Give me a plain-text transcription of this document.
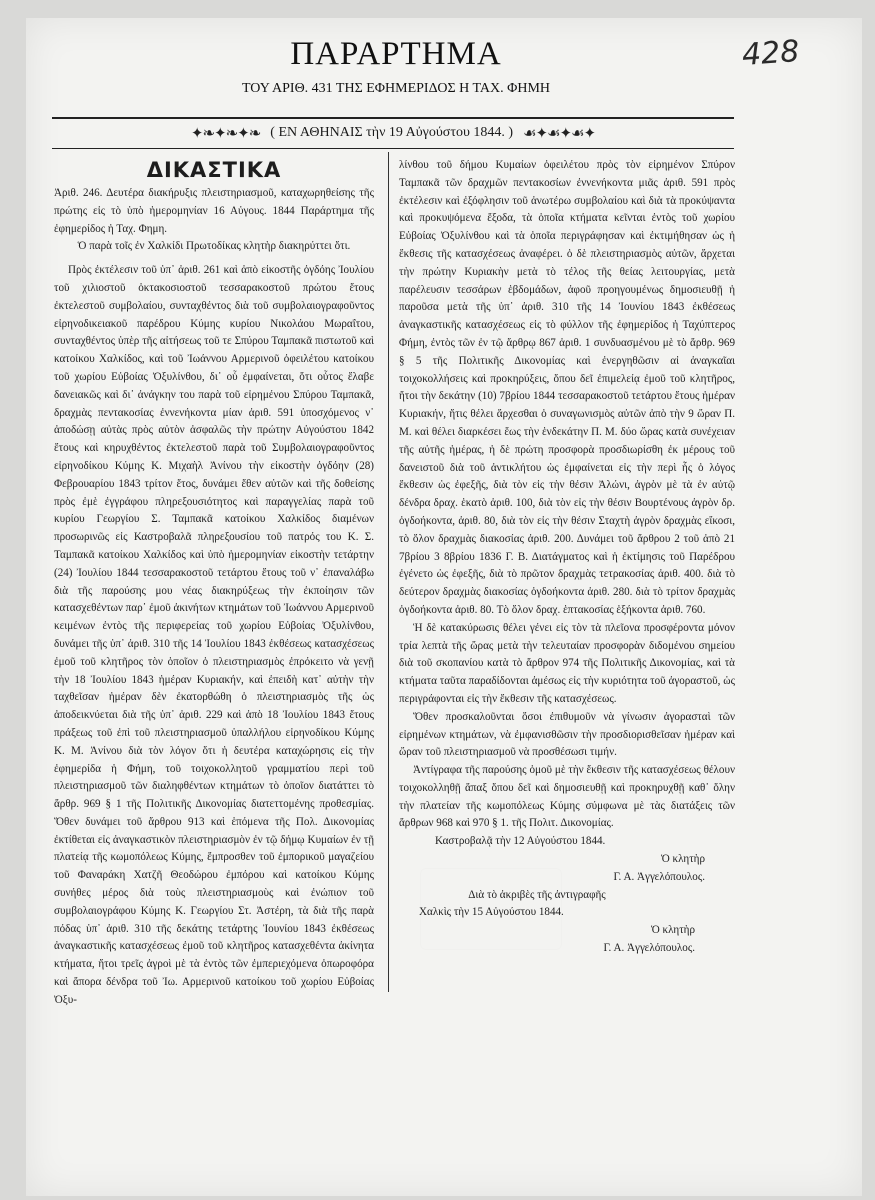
428
ΠΑΡΑΡΤΗΜΑ
ΤΟΥ ΑΡΙΘ. 431 ΤΗΣ ΕΦΗΜΕΡΙΔΟΣ Η ΤΑΧ. ΦΗΜΗ
✦❧✦❧✦❧ ( ΕΝ ΑΘΗΝΑΙΣ τὴν 19 Αὐγούστου 1844. ) ☙✦☙✦☙✦
ΔΙΚΑΣΤΙΚΑ

Ἀριθ. 246. Δευτέρα διακήρυξις πλειστηριασμοῦ, καταχωρηθείσης τῆς πρώτης εἰς τὸ ὑπὸ ἡμερομηνίαν 16 Αὐγους. 1844 Παράρτημα τῆς ἐφημερίδος ἡ Ταχ. Φημη.

Ὁ παρὰ τοῖς ἐν Χαλκίδι Πρωτοδίκας κλητὴρ διακηρύττει ὅτι.

Πρὸς ἐκτέλεσιν τοῦ ὑπ᾽ ἀριθ. 261 καὶ ἀπὸ εἰκοστῆς ὀγδόης Ἰουλίου τοῦ χιλιοστοῦ ὀκτακοσιοστοῦ τεσσαρακοστοῦ πρώτου ἔτους ἐκτελεστοῦ συμβολαίου, συνταχθέντος διὰ τοῦ συμβολαιογραφοῦντος εἰρηνοδικειακοῦ παρέδρου Κύμης κυρίου Νικολάου Μωραΐτου, συνταχθέντος ὑπὲρ τῆς αἰτήσεως τοῦ τε Σπύρου Ταμπακᾶ πιστωτοῦ καὶ κατοίκου Χαλκίδος, καὶ τοῦ Ἰωάννου Αρμερινοῦ ὀφειλέτου κατοίκου τοῦ χωρίου Εὐβοίας Ὀξυλίνθου, δι᾽ οὗ ἐμφαίνεται, ὅτι οὗτος ἔλαβε δανειακῶς καὶ δι᾽ ἀνάγκην του παρὰ τοῦ εἰρημένου Σπύρου Ταμπακᾶ, δραχμὰς πεντακοσίας ἐννενήκοντα μίαν ἀριθ. 591 ὑποσχόμενος ν᾽ ἀποδώσῃ αὐτὰς πρὸς αὐτὸν ἀσφαλῶς τὴν πρώτην Αὐγούστου 1842 ἔτους καὶ κηρυχθέντος ἐκτελεστοῦ παρὰ τοῦ Συμβολαιογραφοῦντος εἰρηνοδίκου Κύμης Κ. Μιχαὴλ Ἀνίνου τὴν εἰκοστὴν ὀγδόην (28) Φεβρουαρίου 1843 τρίτον ἔτος, δυνάμει ἔθεν αὐτῶν καὶ τῆς δοθείσης πρὸς ἐμὲ ἐγγράφου πληρεξουσιότητος καὶ παραγγελίας παρὰ τοῦ κυρίου Γεωργίου Σ. Ταμπακᾶ κατοίκου Χαλκίδος διαμένων προσωρινῶς εἰς Καστροβαλᾶ πληρεξουσίου τοῦ πατρός του Κ. Σ. Ταμπακᾶ κατοίκου Χαλκίδος καὶ ὑπὸ ἡμερομηνίαν εἰκοστὴν τετάρτην (24) Ἰουλίου 1844 τεσσαρακοστοῦ τετάρτου ἔτους τοῦ ν᾽ ἐπαναλάβω διὰ τῆς παρούσης μου νέας διακηρύξεως τὴν ἐκποίησιν τῶν κατασχεθέντων παρ᾽ ἐμοῦ ἀκινήτων κτημάτων τοῦ Ἰωάννου Αρμερινοῦ κειμένων ἐντὸς τῆς περιφερείας τοῦ χωρίου Εὐβοίας Ὀξυλίνθου, δυνάμει τῆς ὑπ᾽ ἀριθ. 310 τῆς 14 Ἰουλίου 1843 ἐκθέσεως κατασχέσεως ἐμοῦ τοῦ κλητῆρος τὸν ὁποῖον ὁ πλειστηριασμὸς ἐπρόκειτο νὰ γενῇ τὴν 18 Ἰουλίου 1843 ἡμέραν Κυριακήν, καὶ ἐπειδὴ κατ᾽ αὐτὴν τὴν ταχθεῖσαν ἡμέραν δὲν ἐκατορθώθη ὁ πλειστηριασμὸς τῆς ὡς ἀποδεικνύεται διὰ τῆς ὑπ᾽ ἀριθ. 229 καὶ ἀπὸ 18 Ἰουλίου 1843 ἔτους πράξεως τοῦ ἐπὶ τοῦ πλειστηριασμοῦ ὑπαλλήλου εἰρηνοδίκου Κύμης Κ. Μ. Ἀνίνου διὰ τὸν λόγον ὅτι ἡ δευτέρα καταχώρησις εἰς τὴν ἐφημερίδα ἡ Φήμη, τοῦ τοιχοκολλητοῦ γραμματίου περὶ τοῦ πλειστηριασμοῦ τῶν διαληφθέντων κτημάτων τὸ ὁποῖον διατάττει τὸ ἄρθρ. 969 § 1 τῆς Πολιτικῆς Δικονομίας διατεττομένης προθεσμίας. Ὅθεν δυνάμει τοῦ ἄρθρου 913 καὶ ἑπόμενα τῆς Πολ. Δικονομίας ἐκτίθεται εἰς ἀναγκαστικὸν πλειστηριασμὸν ἐν τῷ δήμῳ Κυμαίων ἐν τῇ πλατείᾳ τῆς κωμοπόλεως Κύμης, ἔμπροσθεν τοῦ ἐμπορικοῦ μαγαζείου τοῦ Φαναράκη Χατζῆ Θεοδώρου ἐμπόρου καὶ κατοίκου Κύμης συνήθες μέρος διὰ τοὺς πλειστηριασμοὺς καὶ ἐνώπιον τοῦ συμβολαιογράφου Κύμης Κ. Γεωργίου Στ. Ἀστέρη, τὰ διὰ τῆς παρὰ πόδας ὑπ᾽ ἀριθ. 310 τῆς δεκάτης τετάρτης Ἰουνίου 1843 ἐκθέσεως ἀναγκαστικῆς κατασχέσεως ἐμοῦ τοῦ κλητῆρος κατασχεθέντα ἀκίνητα κτήματα, ἤτοι τρεῖς ἀγροὶ μὲ τὰ ἐντὸς τῶν ἐμπεριεχόμενα ὀπωροφόρα καὶ ἄπορα δένδρα τοῦ Ἰω. Αρμερινοῦ κατοίκου τοῦ χωρίου Εὐβοίας Ὀξυ-

λίνθου τοῦ δήμου Κυμαίων ὀφειλέτου πρὸς τὸν εἰρημένον Σπύρον Ταμπακᾶ τῶν δραχμῶν πεντακοσίων ἐννενήκοντα μιᾶς ἀριθ. 591 πρὸς ἐκτέλεσιν καὶ ἐξόφλησιν τοῦ ἀνωτέρω συμβολαίου καὶ διὰ τὰ προκύψαντα καὶ προκυψόμενα ἔξοδα, τὰ ὁποῖα κτήματα κεῖνται ἐντὸς τοῦ χωρίου Εὐβοίας Ὀξυλίνθου καὶ τὰ ὁποῖα περιγράφησαν καὶ ἐκτιμήθησαν ὡς ἡ ἔκθεσις τῆς κατασχέσεως ἀναφέρει. ὁ δὲ πλειστηριασμὸς αὐτῶν, ἄρχεται τὴν πρώτην Κυριακὴν μετὰ τὸ τέλος τῆς θείας λειτουργίας, μετὰ παρέλευσιν τεσσάρων ἑβδομάδων, ἀφοῦ προηγουμένως δημοσιευθῇ ἡ παροῦσα μετὰ τῆς ὑπ᾽ ἀριθ. 310 τῆς 14 Ἰουνίου 1843 ἐκθέσεως ἀναγκαστικῆς κατασχέσεως εἰς τὸ φύλλον τῆς ἐφημερίδος ἡ Ταχύπτερος Φήμη, ἐντὸς τῶν ἐν τῷ ἄρθρῳ 867 ἀριθ. 1 συνδυασμένου μὲ τὸ ἄρθρ. 969 § 5 τῆς Πολιτικῆς Δικονομίας καὶ ἐνεργηθῶσιν αἱ ἀναγκαῖαι τοιχοκολλήσεις καὶ προκηρύξεις, ὅπου δεῖ ἐπιμελείᾳ ἐμοῦ τοῦ κλητῆρος, ἤτοι τὴν δεκάτην (10) 7βρίου 1844 τεσσαρακοστοῦ τετάρτου ἔτους ἡμέραν Κυριακήν, ἥτις θέλει ἄρχεσθαι ὁ συναγωνισμὸς αὐτῶν ἀπὸ τὴν 9 ὥραν Π. Μ. καὶ θέλει διαρκέσει ἕως τὴν ἑνδεκάτην Π. Μ. δύο ὥρας κατὰ συνέχειαν τῆς αὐτῆς ἡμέρας, ἡ δὲ πρώτη προσφορὰ προσδιωρίσθη ἐκ μέρους τοῦ δανειστοῦ διὰ τοῦ ἀντικλήτου ὡς ἐμφαίνεται εἰς τὴν περὶ ἧς ὁ λόγος ἔκθεσιν ὡς ἐφεξῆς, διὰ τὸν εἰς τὴν θέσιν Ἀλώνι, ἀγρὸν μὲ τὰ ἐν αὐτῷ δένδρα δραχ. ἑκατὸ ἀριθ. 100, διὰ τὸν εἰς τὴν θέσιν Βουρτένους ἀγρὸν δρ. ὀγδοήκοντα, ἀριθ. 80, διὰ τὸν εἰς τὴν θέσιν Σταχτὴ ἀγρὸν δραχμὰς εἴκοσι, τὸ ὅλον δραχμὰς διακοσίας ἀριθ. 200. Δυνάμει τοῦ ἄρθρου 2 τοῦ ἀπὸ 21 7βρίου 3 8βρίου 1836 Γ. Β. Διατάγματος καὶ ἡ ἐκτίμησις τοῦ Παρέδρου ἐγένετο ὡς ἐφεξῆς, διὰ τὸ πρῶτον δραχμὰς τετρακοσίας ἀριθ. 400. διὰ τὸ δεύτερον δραχμὰς διακοσίας ὀγδοήκοντα ἀριθ. 280. διὰ τὸ τρίτον δραχμὰς ὀγδοήκοντα ἀριθ. 80. Τὸ ὅλον δραχ. ἑπτακοσίας ἑξήκοντα ἀριθ. 760.

Ἡ δὲ κατακύρωσις θέλει γένει εἰς τὸν τὰ πλεῖονα προσφέροντα μόνον τρία λεπτὰ τῆς ὥρας μετὰ τὴν τελευταίαν προσφορὰν διδομένου σημείου διὰ τοῦ σκοπανίου κατὰ τὸ ἄρθρον 974 τῆς Πολιτικῆς Δικονομίας, καὶ τὰ κτήματα ταῦτα παραδίδονται ἀμέσως εἰς τὴν κυριότητα τοῦ ἀγοραστοῦ, ὡς περιγράφονται εἰς τὴν ἔκθεσιν τῆς κατασχέσεως.

Ὅθεν προσκαλοῦνται ὅσοι ἐπιθυμοῦν νὰ γίνωσιν ἀγορασταὶ τῶν εἰρημένων κτημάτων, νὰ ἐμφανισθῶσιν τὴν προσδιορισθεῖσαν ἡμέραν καὶ ὥραν τοῦ πλειστηριασμοῦ νὰ προσθέσωσι τιμήν.

Ἀντίγραφα τῆς παρούσης ὁμοῦ μὲ τὴν ἔκθεσιν τῆς κατασχέσεως θέλουν τοιχοκολληθῇ ἅπαξ ὅπου δεῖ καὶ δημοσιευθῇ καὶ προκηρυχθῇ καθ᾽ ὅλην τὴν πλατείαν τῆς κωμοπόλεως Κύμης σύμφωνα μὲ τὰς διατάξεις τῶν ἄρθρων 968 καὶ 970 § 1. τῆς Πολιτ. Δικονομίας.

Καστροβαλᾷ τὴν 12 Αὐγούστου 1844.

Ὁ κλητὴρ

Γ. Α. Ἀγγελόπουλος.

Διὰ τὸ ἀκριβὲς τῆς ἀντιγραφῆς

Χαλκὶς τὴν 15 Αὐγούστου 1844.

Ὁ κλητὴρ

Γ. Α. Ἀγγελόπουλος.
